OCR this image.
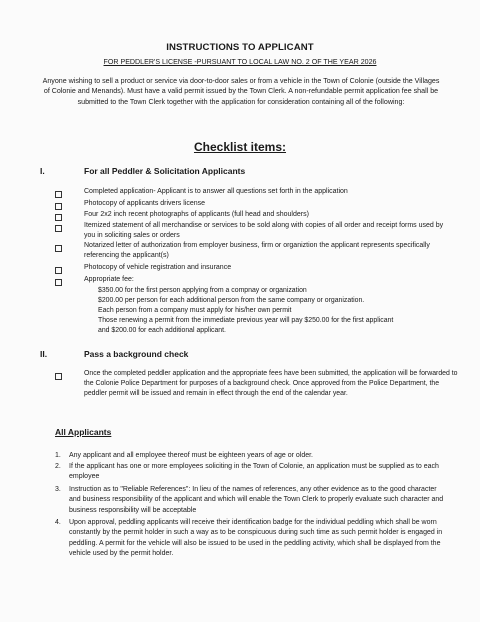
INSTRUCTIONS TO APPLICANT
FOR PEDDLER'S LICENSE -PURSUANT TO LOCAL LAW NO. 2 OF THE YEAR 2026
Anyone wishing to sell a product or service via door-to-door sales or from a vehicle in the Town of Colonie (outside the Villages of Colonie and Menands). Must have a valid permit issued by the Town Clerk. A non-refundable permit application fee shall be submitted to the Town Clerk together with the application for consideration containing all of the following:
Checklist items:
I.	For all Peddler & Solicitation Applicants
Completed application- Applicant is to answer all questions set forth in the application
Photocopy of applicants drivers license
Four 2x2 inch recent photographs of applicants (full head and shoulders)
Itemized statement of all merchandise or services to be sold along with copies of all order and receipt forms used by you in soliciting sales or orders
Notarized letter of authorization from employer business, firm or organiztion the applicant represents specifically referencing the applicant(s)
Photocopy of vehicle registration and insurance
Appropriate fee:
$350.00 for the first person applying from a compnay or organization
$200.00 per person for each additional person from the same company or organization.
Each person from a company must apply for his/her own permit
Those renewing a permit from the immediate previous year will pay $250.00 for the first applicant and $200.00 for each additional applicant.
II.	Pass a background check
Once the completed peddler application and the appropriate fees have been submitted, the application will be forwarded to the Colonie Police Department for purposes of a background check. Once approved from the Police Department, the peddler permit will be issued and remain in effect through the end of the calendar year.
All Applicants
1. Any applicant and all employee thereof must be eighteen years of age or older.
2. If the applicant has one or more employees soliciting in the Town of Colonie, an application must be supplied as to each employee
3. Instruction as to "Reliable References": In lieu of the names of references, any other evidence as to the good character and business responsibility of the applicant and which will enable the Town Clerk to properly evaluate such character and business responsibility will be acceptable
4. Upon approval, peddling applicants will receive their identification badge for the individual peddling which shall be worn constantly by the permit holder in such a way as to be conspicuous during such time as such permit holder is engaged in peddling. A permit for the vehicle will also be issued to be used in the peddling activity, which shall be displayed from the vehicle used by the permit holder.
